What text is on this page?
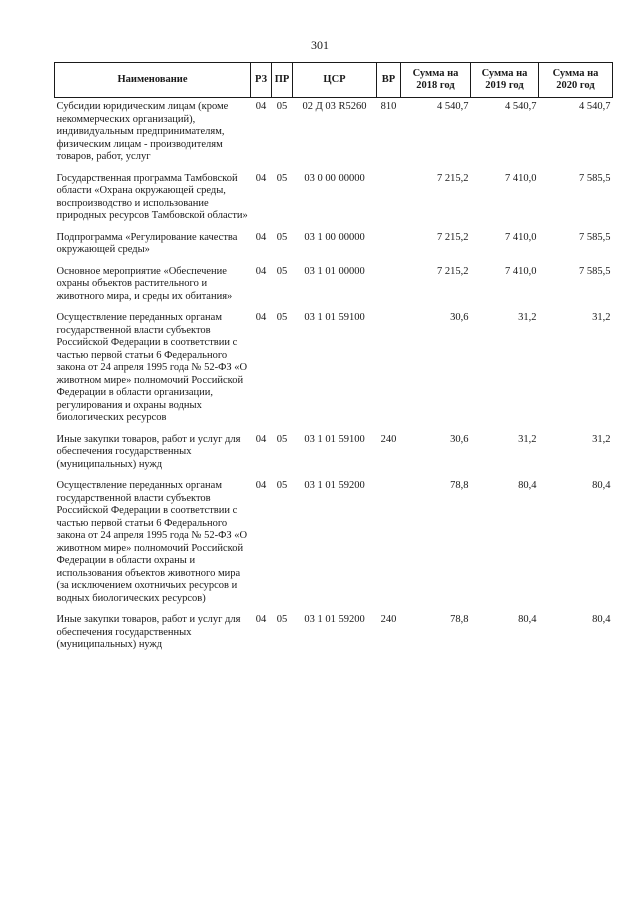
301
Наименование	РЗ	ПР	ЦСР	ВР	Сумма на 2018 год	Сумма на 2019 год	Сумма на 2020 год
Субсидии юридическим лицам (кроме некоммерческих организаций), индивидуальным предпринимателям, физическим лицам - производителям товаров, работ, услуг	04	05	02 Д 03 R5260	810	4 540,7	4 540,7	4 540,7
Государственная программа Тамбовской области «Охрана окружающей среды, воспроизводство и использование природных ресурсов Тамбовской области»	04	05	03 0 00 00000		7 215,2	7 410,0	7 585,5
Подпрограмма «Регулирование качества окружающей среды»	04	05	03 1 00 00000		7 215,2	7 410,0	7 585,5
Основное мероприятие «Обеспечение охраны объектов растительного и животного мира, и среды их обитания»	04	05	03 1 01 00000		7 215,2	7 410,0	7 585,5
Осуществление переданных органам государственной власти субъектов Российской Федерации в соответствии с частью первой статьи 6 Федерального закона от 24 апреля 1995 года № 52-ФЗ «О животном мире» полномочий Российской Федерации в области организации, регулирования и охраны водных биологических ресурсов	04	05	03 1 01 59100		30,6	31,2	31,2
Иные закупки товаров, работ и услуг для обеспечения государственных (муниципальных) нужд	04	05	03 1 01 59100	240	30,6	31,2	31,2
Осуществление переданных органам государственной власти субъектов Российской Федерации в соответствии с частью первой статьи 6 Федерального закона от 24 апреля 1995 года № 52-ФЗ «О животном мире» полномочий Российской Федерации в области охраны и использования объектов животного мира (за исключением охотничьих ресурсов и водных биологических ресурсов)	04	05	03 1 01 59200		78,8	80,4	80,4
Иные закупки товаров, работ и услуг для обеспечения государственных (муниципальных) нужд	04	05	03 1 01 59200	240	78,8	80,4	80,4
